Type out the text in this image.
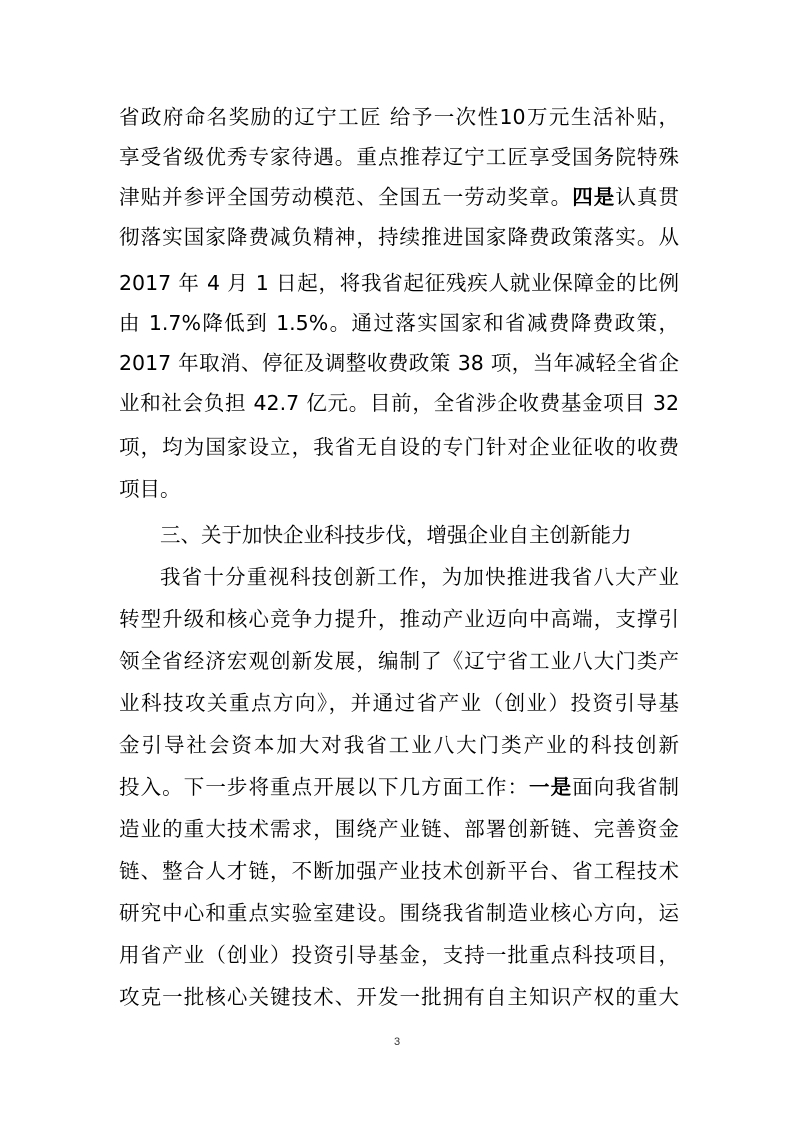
省政府命名奖励的辽宁工匠 给予一次性10万元生活补贴，
享受省级优秀专家待遇。重点推荐辽宁工匠享受国务院特殊
津贴并参评全国劳动模范、全国五一劳动奖章。四是认真贯
彻落实国家降费减负精神，持续推进国家降费政策落实。从
2017 年 4 月 1 日起，将我省起征残疾人就业保障金的比例
由 1.7%降低到 1.5%。通过落实国家和省减费降费政策，
2017 年取消、停征及调整收费政策 38 项，当年减轻全省企
业和社会负担 42.7 亿元。目前，全省涉企收费基金项目 32
项，均为国家设立，我省无自设的专门针对企业征收的收费
项目。
三、关于加快企业科技步伐，增强企业自主创新能力
我省十分重视科技创新工作，为加快推进我省八大产业
转型升级和核心竞争力提升，推动产业迈向中高端，支撑引
领全省经济宏观创新发展，编制了《辽宁省工业八大门类产
业科技攻关重点方向》，并通过省产业（创业）投资引导基
金引导社会资本加大对我省工业八大门类产业的科技创新
投入。下一步将重点开展以下几方面工作：一是面向我省制
造业的重大技术需求，围绕产业链、部署创新链、完善资金
链、整合人才链，不断加强产业技术创新平台、省工程技术
研究中心和重点实验室建设。围绕我省制造业核心方向，运
用省产业（创业）投资引导基金，支持一批重点科技项目，
攻克一批核心关键技术、开发一批拥有自主知识产权的重大
3
